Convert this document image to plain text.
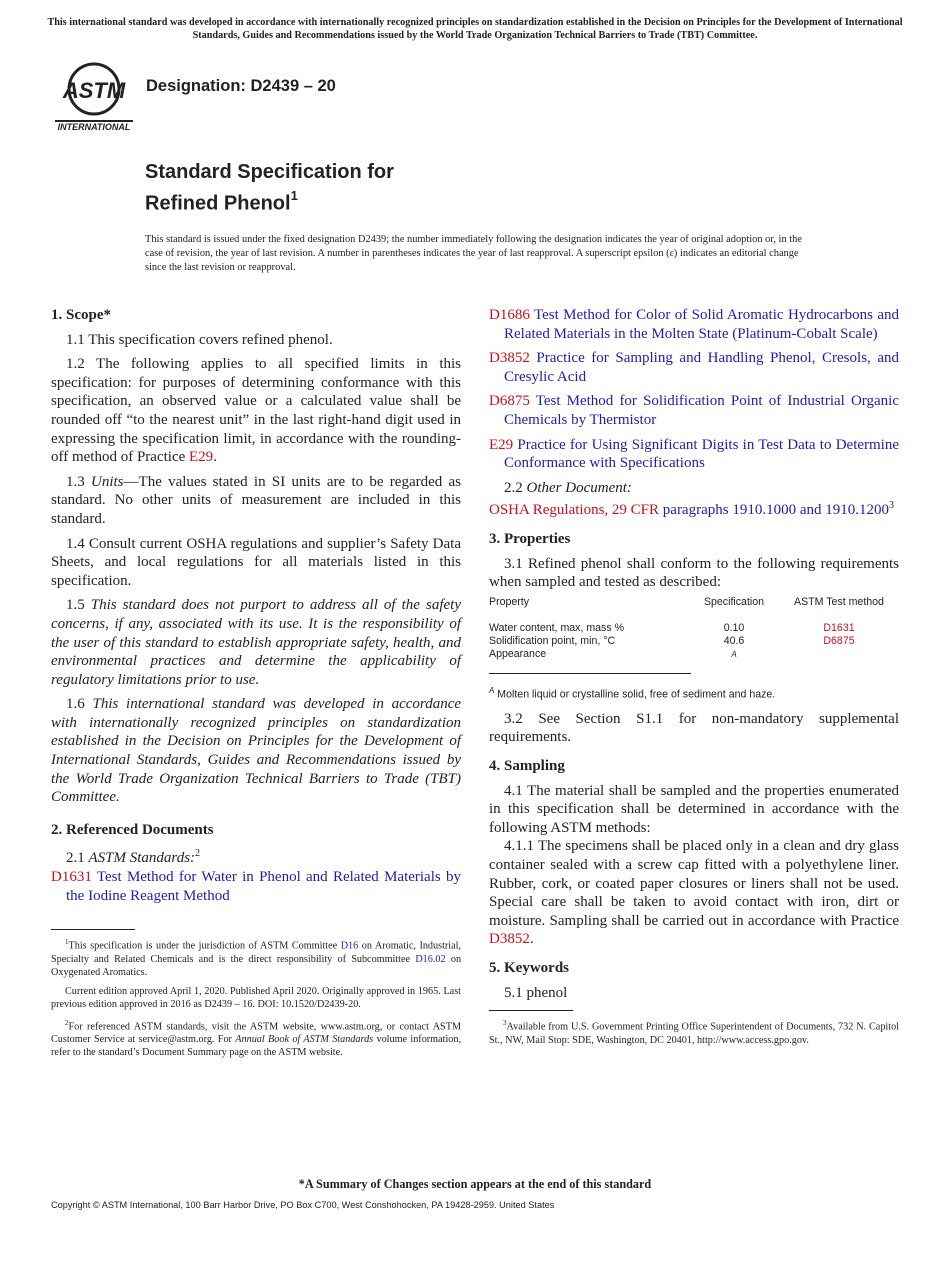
This international standard was developed in accordance with internationally recognized principles on standardization established in the Decision on Principles for the Development of International Standards, Guides and Recommendations issued by the World Trade Organization Technical Barriers to Trade (TBT) Committee.
ASTM
INTERNATIONAL
Designation: D2439 – 20
Standard Specification for
Refined Phenol$^1$
This standard is issued under the fixed designation D2439; the number immediately following the designation indicates the year of original adoption or, in the case of revision, the year of last revision. A number in parentheses indicates the year of last reapproval. A superscript epsilon (ε) indicates an editorial change since the last revision or reapproval.
1. Scope*

1.1 This specification covers refined phenol.

1.2 The following applies to all specified limits in this specification: for purposes of determining conformance with this specification, an observed value or a calculated value shall be rounded off “to the nearest unit” in the last right-hand digit used in expressing the specification limit, in accordance with the rounding-off method of Practice E29.

1.3 Units—The values stated in SI units are to be regarded as standard. No other units of measurement are included in this standard.

1.4 Consult current OSHA regulations and supplier’s Safety Data Sheets, and local regulations for all materials listed in this specification.

1.5 This standard does not purport to address all of the safety concerns, if any, associated with its use. It is the responsibility of the user of this standard to establish appropriate safety, health, and environmental practices and determine the applicability of regulatory limitations prior to use.

1.6 This international standard was developed in accordance with internationally recognized principles on standardization established in the Decision on Principles for the Development of International Standards, Guides and Recommendations issued by the World Trade Organization Technical Barriers to Trade (TBT) Committee.

2. Referenced Documents

2.1 ASTM Standards:$^2$

D1631 Test Method for Water in Phenol and Related Materials by the Iodine Reagent Method

$^1$This specification is under the jurisdiction of ASTM Committee D16 on Aromatic, Industrial, Specialty and Related Chemicals and is the direct responsibility of Subcommittee D16.02 on Oxygenated Aromatics.

Current edition approved April 1, 2020. Published April 2020. Originally approved in 1965. Last previous edition approved in 2016 as D2439 – 16. DOI: 10.1520/D2439-20.

$^2$For referenced ASTM standards, visit the ASTM website, www.astm.org, or contact ASTM Customer Service at service@astm.org. For Annual Book of ASTM Standards volume information, refer to the standard’s Document Summary page on the ASTM website.

D1686 Test Method for Color of Solid Aromatic Hydrocarbons and Related Materials in the Molten State (Platinum-Cobalt Scale)

D3852 Practice for Sampling and Handling Phenol, Cresols, and Cresylic Acid

D6875 Test Method for Solidification Point of Industrial Organic Chemicals by Thermistor

E29 Practice for Using Significant Digits in Test Data to Determine Conformance with Specifications

2.2 Other Document:

OSHA Regulations, 29 CFR paragraphs 1910.1000 and 1910.1200$^3$

3. Properties

3.1 Refined phenol shall conform to the following requirements when sampled and tested as described:

Property	Specification	ASTM Test method
Water content, max, mass %	0.10	D1631
Solidification point, min, °C	40.6	D6875
Appearance	A	

$^A$ Molten liquid or crystalline solid, free of sediment and haze.

3.2 See Section S1.1 for non-mandatory supplemental requirements.

4. Sampling

4.1 The material shall be sampled and the properties enumerated in this specification shall be determined in accordance with the following ASTM methods:

4.1.1 The specimens shall be placed only in a clean and dry glass container sealed with a screw cap fitted with a polyethylene liner. Rubber, cork, or coated paper closures or liners shall not be used. Special care shall be taken to avoid contact with iron, dirt or moisture. Sampling shall be carried out in accordance with Practice D3852.

5. Keywords

5.1 phenol

$^3$Available from U.S. Government Printing Office Superintendent of Documents, 732 N. Capitol St., NW, Mail Stop: SDE, Washington, DC 20401, http://www.access.gpo.gov.

*A Summary of Changes section appears at the end of this standard
Copyright © ASTM International, 100 Barr Harbor Drive, PO Box C700, West Conshohocken, PA 19428-2959. United States
